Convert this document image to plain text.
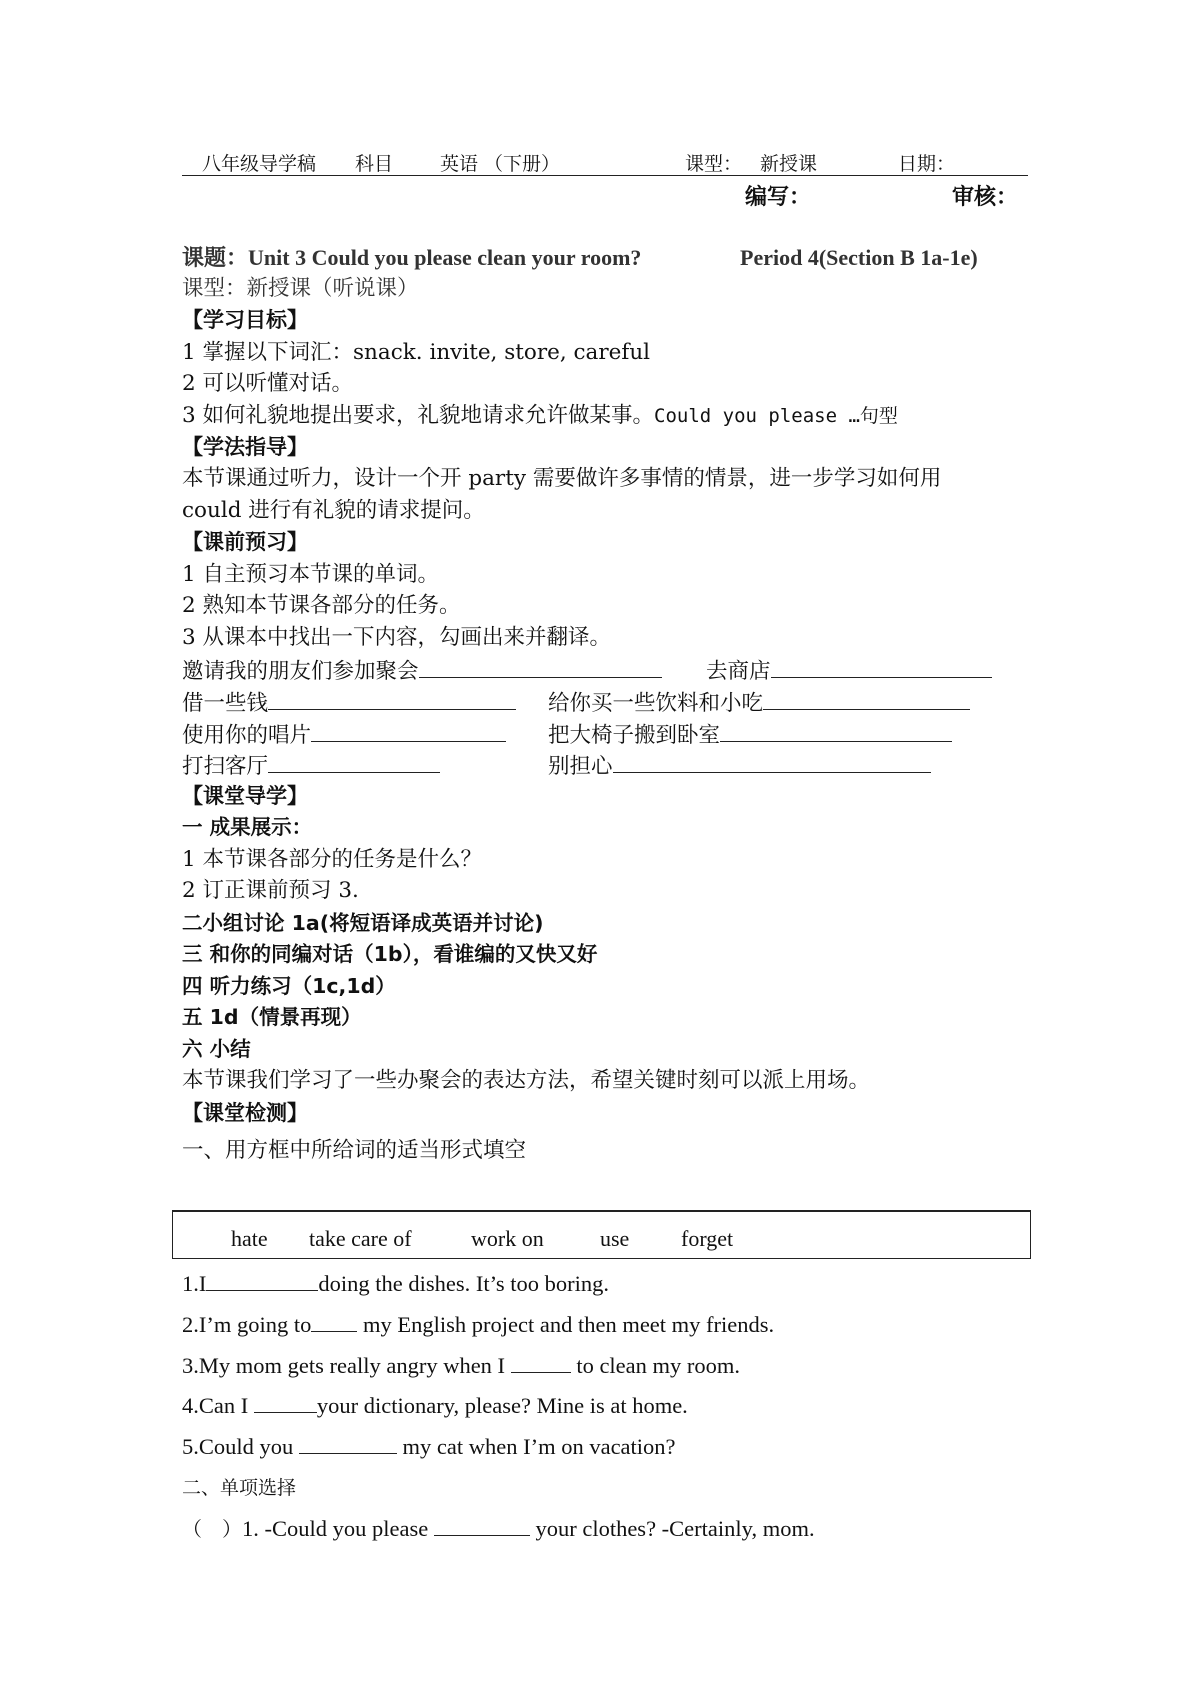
八年级导学稿 科目 英语 （下册）	课型： 新授课	日期：
编写：	审核：
课题：Unit 3 Could you please clean your room?	Period 4(Section B 1a-1e)
课型：新授课（听说课）
【学习目标】
1 掌握以下词汇：snack. invite, store, careful
2 可以听懂对话。
3 如何礼貌地提出要求，礼貌地请求允许做某事。Could you please …句型
【学法指导】
本节课通过听力，设计一个开 party 需要做许多事情的情景，进一步学习如何用
could 进行有礼貌的请求提问。
【课前预习】
1 自主预习本节课的单词。
2 熟知本节课各部分的任务。
3 从课本中找出一下内容，勾画出来并翻译。
邀请我的朋友们参加聚会	去商店
借一些钱	给你买一些饮料和小吃
使用你的唱片	把大椅子搬到卧室
打扫客厅	别担心
【课堂导学】
一 成果展示：
1 本节课各部分的任务是什么？
2 订正课前预习 3.
二小组讨论 1a(将短语译成英语并讨论)
三 和你的同编对话（1b），看谁编的又快又好
四 听力练习（1c,1d）
五 1d（情景再现）
六 小结
本节课我们学习了一些办聚会的表达方法，希望关键时刻可以派上用场。
【课堂检测】
一、用方框中所给词的适当形式填空
hate take care of	work on	use forget
1.I	doing the dishes. It’s too boring.
2.I’m going to my English project and then meet my friends.
3.My mom gets really angry when I	to clean my room.
4.Can I	your dictionary, please? Mine is at home.
5.Could you	my cat when I’m on vacation?
二、单项选择
（　）1. -Could you please	your clothes? -Certainly, mom.
